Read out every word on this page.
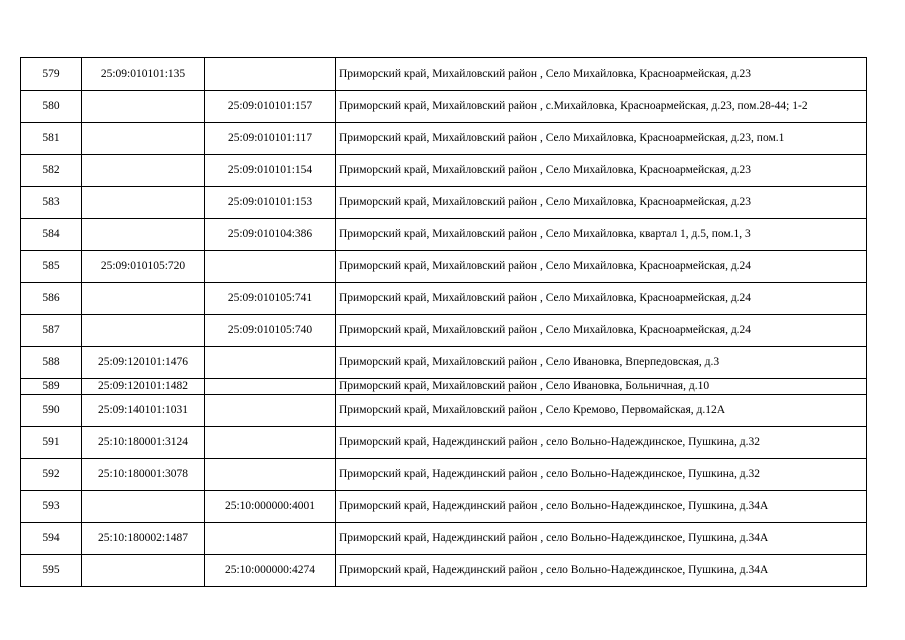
579	25:09:010101:135		Приморский край, Михайловский район , Село Михайловка, Красноармейская, д.23
580		25:09:010101:157	Приморский край, Михайловский район , с.Михайловка, Красноармейская, д.23, пом.28-44; 1-2
581		25:09:010101:117	Приморский край, Михайловский район , Село Михайловка, Красноармейская, д.23, пом.1
582		25:09:010101:154	Приморский край, Михайловский район , Село Михайловка, Красноармейская, д.23
583		25:09:010101:153	Приморский край, Михайловский район , Село Михайловка, Красноармейская, д.23
584		25:09:010104:386	Приморский край, Михайловский район , Село Михайловка, квартал 1, д.5, пом.1, 3
585	25:09:010105:720		Приморский край, Михайловский район , Село Михайловка, Красноармейская, д.24
586		25:09:010105:741	Приморский край, Михайловский район , Село Михайловка, Красноармейская, д.24
587		25:09:010105:740	Приморский край, Михайловский район , Село Михайловка, Красноармейская, д.24
588	25:09:120101:1476		Приморский край, Михайловский район , Село Ивановка, Вперпедовская, д.3
589	25:09:120101:1482		Приморский край, Михайловский район , Село Ивановка, Больничная, д.10
590	25:09:140101:1031		Приморский край, Михайловский район , Село Кремово, Первомайская, д.12А
591	25:10:180001:3124		Приморский край, Надеждинский район , село Вольно-Надеждинское, Пушкина, д.32
592	25:10:180001:3078		Приморский край, Надеждинский район , село Вольно-Надеждинское, Пушкина, д.32
593		25:10:000000:4001	Приморский край, Надеждинский район , село Вольно-Надеждинское, Пушкина, д.34А
594	25:10:180002:1487		Приморский край, Надеждинский район , село Вольно-Надеждинское, Пушкина, д.34А
595		25:10:000000:4274	Приморский край, Надеждинский район , село Вольно-Надеждинское, Пушкина, д.34А
